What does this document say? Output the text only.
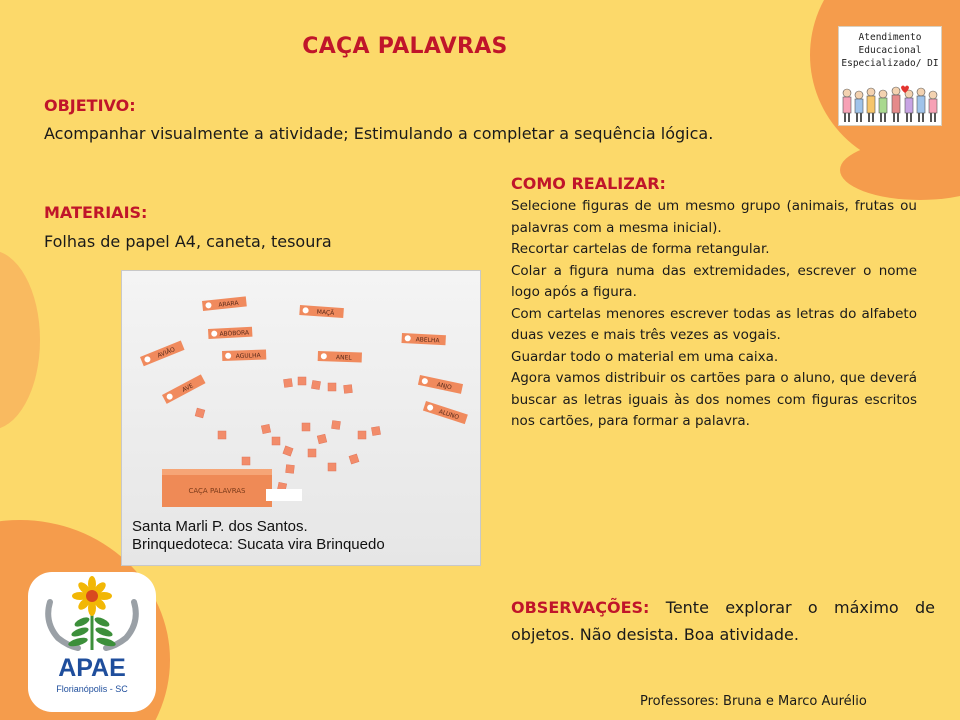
Atendimento
Educacional
Especializado/ DI
CAÇA PALAVRAS
OBJETIVO:
Acompanhar visualmente a atividade; Estimulando a completar a sequência lógica.
MATERIAIS:
Folhas de papel A4, caneta, tesoura
COMO REALIZAR:

Selecione figuras de um mesmo grupo (animais, frutas ou palavras com a mesma inicial).

Recortar cartelas de forma retangular.

Colar a figura numa das extremidades, escrever o nome logo após a figura.

Com cartelas menores escrever todas as letras do alfabeto duas vezes e mais três vezes as vogais.

Guardar todo o material em uma caixa.

Agora vamos distribuir os cartões para o aluno, que deverá buscar as letras iguais às dos nomes com figuras escritos nos cartões, para formar a palavra.

ARARA
MAÇÃ
ABELHA
ABÓBORA
AVIÃO	AGULHA	ANEL
ANJO
AVE
ALUNO
CAÇA PALAVRAS
Santa Marli P. dos Santos.
Brinquedoteca: Sucata vira Brinquedo
OBSERVAÇÕES: Tente explorar o máximo de objetos. Não desista. Boa atividade.
APAE
Florianópolis - SC
Professores: Bruna e Marco Aurélio
